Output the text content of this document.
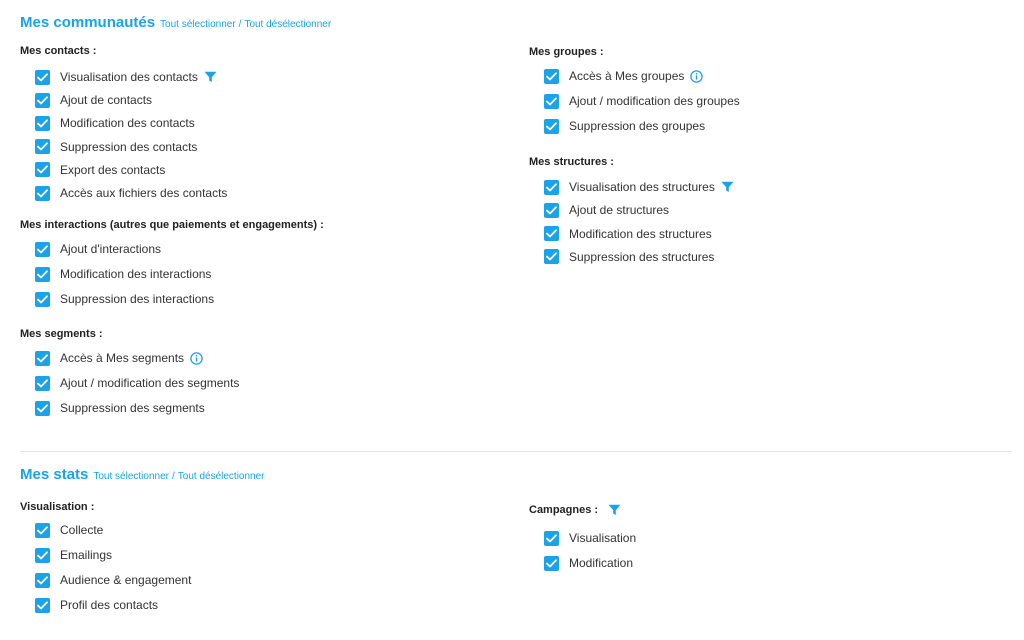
Mes communautés Tout sélectionner / Tout désélectionner
Mes contacts :
Visualisation des contacts
Ajout de contacts
Modification des contacts
Suppression des contacts
Export des contacts
Accès aux fichiers des contacts
Mes interactions (autres que paiements et engagements) :
Ajout d'interactions
Modification des interactions
Suppression des interactions
Mes segments :
Accès à Mes segments
Ajout / modification des segments
Suppression des segments
Mes groupes :
Accès à Mes groupes
Ajout / modification des groupes
Suppression des groupes
Mes structures :
Visualisation des structures
Ajout de structures
Modification des structures
Suppression des structures
Mes stats Tout sélectionner / Tout désélectionner
Visualisation :
Collecte
Emailings
Audience & engagement
Profil des contacts
Campagnes :
Visualisation
Modification
